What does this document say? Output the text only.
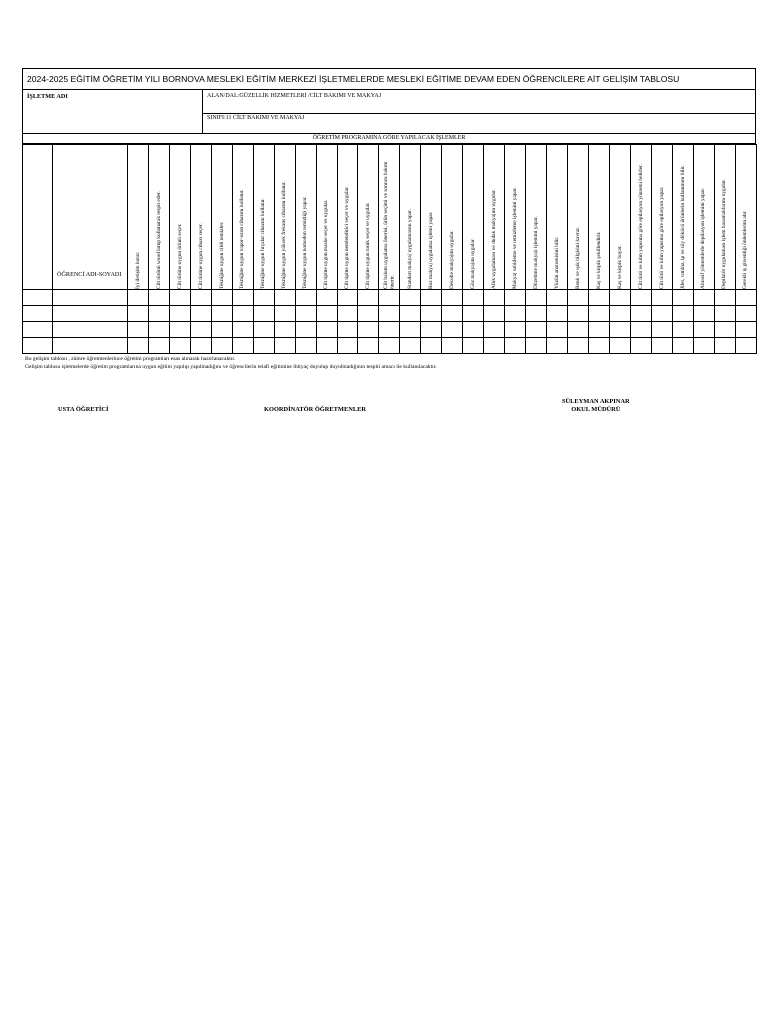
2024-2025 EĞİTİM ÖĞRETİM YILI BORNOVA MESLEKİ EĞİTİM MERKEZİ İŞLETMELERDE MESLEKİ EĞİTİME DEVAM EDEN ÖĞRENCİLERE AİT GELİŞİM TABLOSU
İŞLETME ADI	ALAN/DAL:GÜZELLİK HİZMETLERİ /CİLT BAKIMI VE MAKYAJ
SINIFI:11 CİLT BAKIMI VE MAKYAJ
ÖĞRETİM PROGRAMINA GÖRE YAPILACAK İŞLEMLER
	ÖĞRENCİ ADI-SOYADI	İyi iletişim kurar.	Cilt türünü wood lamp kullanarak tespit eder.	Cilt türüne uygun ürünü seçer.	Cilt türüne uygun cihazı seçer.	Tekniğine uygun cildi temizler.	Tekniğine uygun vapor-ozon cihazını kullanır.	Tekniğine uygun fırçalar cihazını kullanır.	Tekniğine uygun yüksek frekans cihazını kullanır.	Tekniğine uygun komedon temizliği yapar.	Cilt tipine uygun maske seçer ve uygular.	Cilt tipine uygun nemlendirici seçer ve uygular.	Cilt tipine uygun tonik seçer ve uygular.	Cilt bakım uygulama önerisi, ürün seçimi ve sonrası bakım önerir.	Standart makyaj uygulamasını yapar.	Boz makyaj uygulama işlemi yapar.	Dekolte makyajını uygular.	Göz makyajını uygular.	Allık uygulaması ve dudak makyajını uygular.	Makyaj sabitleme ve temizleme işlemini yapar.	Düzeltme makyajı işlemini yapar.	Yüzün anatomisini bilir.	Renk ve ışık bilgisini kavrar.	Kaş ve kirpik şekillendirir.	Kaş ve kirpik boyar.	Cilt türü ve kılın yapısına göre epilasyon yöntemi belirler.	Cilt türü ve kılın yapısına göre epilasyon yapar.	Jilet, cımbız, ip ve tüy dökücü ürünlerin kullanımını bilir.	Abrasif yöntemlerle depilasyon işlemini yapar.	Depilatör uygulaması işlem basamaklarını uygular.	Gerekli iş güvenliği önlemlerini alır.

Bu gelişim tablosu , zümre öğretmenlerince öğretim programları esas alınarak hazırlanacaktır.
Gelişim tablosu işletmelerde öğretim programlarına uygun eğitim yapılıp yapılmadığını ve öğrencilerin telafi eğitimine ihtiyaç duyulup duyulmadığının tespiti amacı ile kullanılacaktır.
USTA ÖĞRETİCİ	KOORDİNATÖR ÖĞRETMENLER
SÜLEYMAN AKPINAR
OKUL MÜDÜRÜ
